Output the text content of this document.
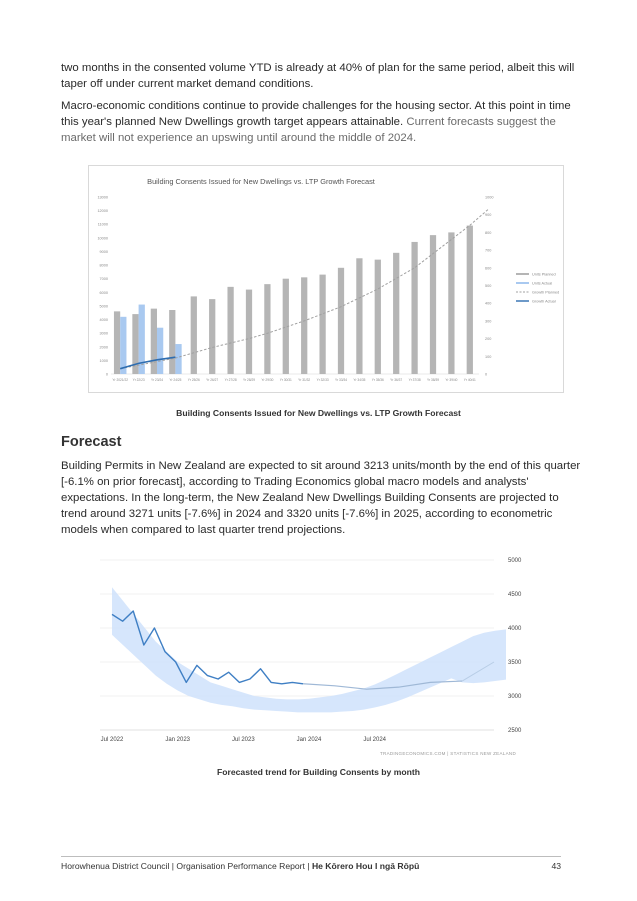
two months in the consented volume YTD is already at 40% of plan for the same period, albeit this will taper off under current market demand conditions.

Macro-economic conditions continue to provide challenges for the housing sector. At this point in time this year's planned New Dwellings growth target appears attainable. Current forecasts suggest the market will not experience an upswing until around the middle of 2024.

Building Consents Issued for New Dwellings vs. LTP Growth Forecast
0
1000
2000
3000
4000
5000
6000
7000
8000
9000
10000
11000
12000
13000
0
100
200
300
400
500
600
700
800
900
1000
Yr 2021/22 Yr 22/23 Yr 23/24 Yr 24/25 Yr 25/26 Yr 26/27 Yr 27/28 Yr 28/29 Yr 29/30 Yr 30/31 Yr 31/32 Yr 32/33 Yr 33/34 Yr 34/35 Yr 35/36 Yr 36/37 Yr 37/38 Yr 38/39 Yr 39/40 Yr 40/41
Units Planned
Units Actual
Growth Planned
Growth Actual
Building Consents Issued for New Dwellings vs. LTP Growth Forecast
Forecast

Building Permits in New Zealand are expected to sit around 3213 units/month by the end of this quarter [-6.1% on prior forecast], according to Trading Economics global macro models and analysts' expectations. In the long-term, the New Zealand New Dwellings Building Consents are projected to trend around 3271 units [-7.6%] in 2024 and 3320 units [-7.6%] in 2025, according to econometric models when compared to last quarter trend projections.

2500
3000
3500
4000
4500
5000
Jul 2022	Jan 2023	Jul 2023	Jan 2024	Jul 2024
TRADINGECONOMICS.COM | STATISTICS NEW ZEALAND
Forecasted trend for Building Consents by month
Horowhenua District Council | Organisation Performance Report | He Kōrero Hou I ngā Rōpū	43
